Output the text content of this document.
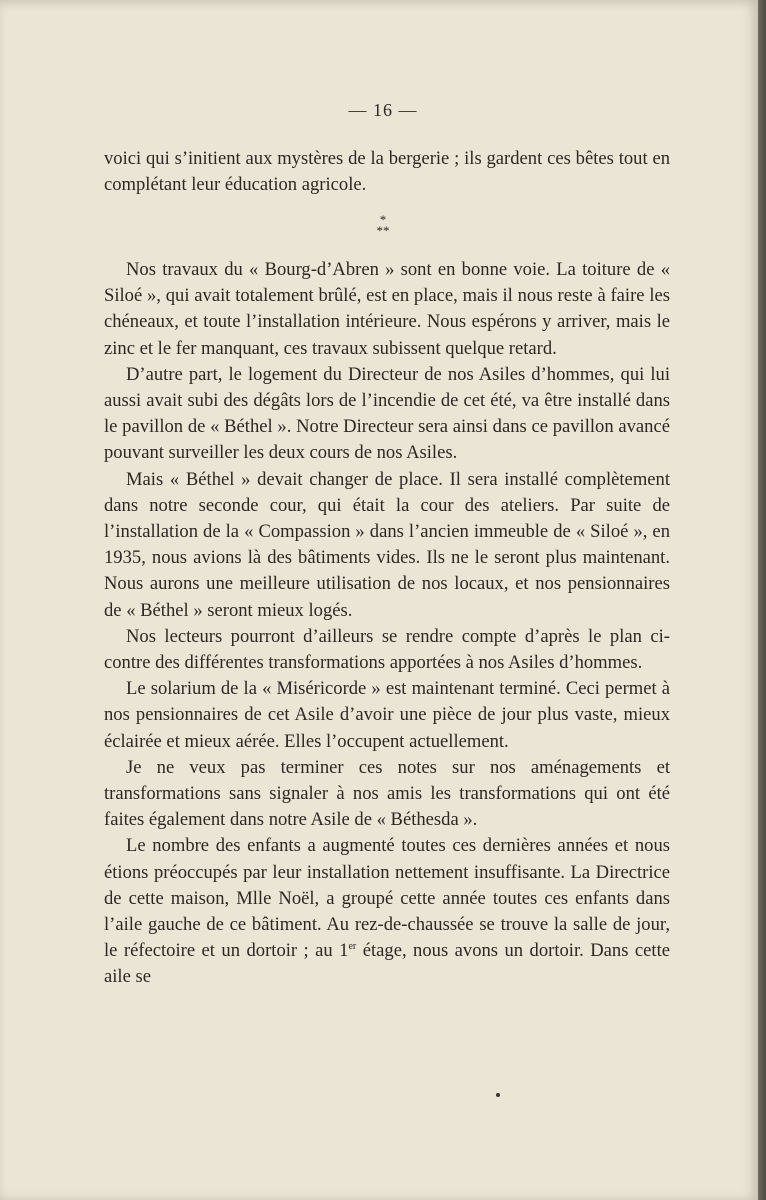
— 16 —

voici qui s’initient aux mystères de la bergerie ; ils gardent ces bêtes tout en complétant leur éducation agricole.

*
**

Nos travaux du « Bourg-d’Abren » sont en bonne voie. La toiture de « Siloé », qui avait totalement brûlé, est en place, mais il nous reste à faire les chéneaux, et toute l’installation intérieure. Nous espérons y arriver, mais le zinc et le fer manquant, ces travaux subissent quelque retard.

D’autre part, le logement du Directeur de nos Asiles d’hommes, qui lui aussi avait subi des dégâts lors de l’incendie de cet été, va être installé dans le pavillon de « Béthel ». Notre Directeur sera ainsi dans ce pavillon avancé pouvant surveiller les deux cours de nos Asiles.

Mais « Béthel » devait changer de place. Il sera installé complètement dans notre seconde cour, qui était la cour des ateliers. Par suite de l’installation de la « Compassion » dans l’ancien immeuble de « Siloé », en 1935, nous avions là des bâtiments vides. Ils ne le seront plus maintenant. Nous aurons une meilleure utilisation de nos locaux, et nos pensionnaires de « Béthel » seront mieux logés.

Nos lecteurs pourront d’ailleurs se rendre compte d’après le plan ci-contre des différentes transformations apportées à nos Asiles d’hommes.

Le solarium de la « Miséricorde » est maintenant terminé. Ceci permet à nos pensionnaires de cet Asile d’avoir une pièce de jour plus vaste, mieux éclairée et mieux aérée. Elles l’occupent actuellement.

Je ne veux pas terminer ces notes sur nos aménagements et transformations sans signaler à nos amis les transformations qui ont été faites également dans notre Asile de « Béthesda ».

Le nombre des enfants a augmenté toutes ces dernières années et nous étions préoccupés par leur installation nettement insuffisante. La Directrice de cette maison, Mlle Noël, a groupé cette année toutes ces enfants dans l’aile gauche de ce bâtiment. Au rez-de-chaussée se trouve la salle de jour, le réfectoire et un dortoir ; au 1er étage, nous avons un dortoir. Dans cette aile se
